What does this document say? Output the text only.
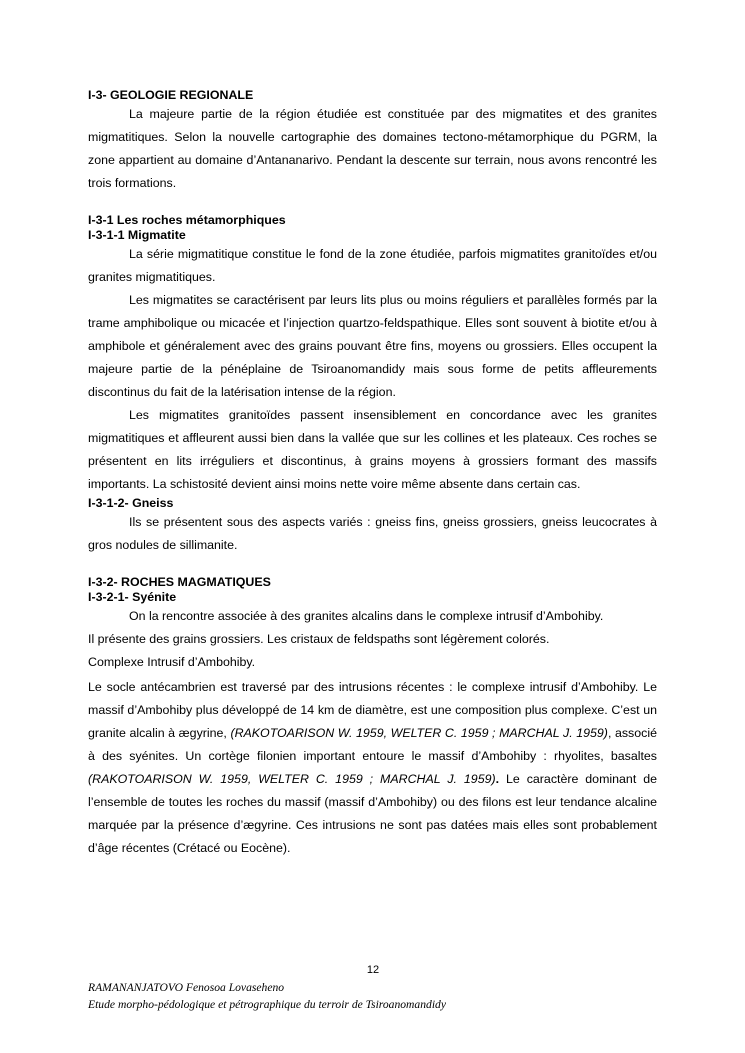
I-3- GEOLOGIE REGIONALE

La majeure partie de la région étudiée est constituée par des migmatites et des granites migmatitiques. Selon la nouvelle cartographie des domaines tectono-métamorphique du PGRM, la zone appartient au domaine d’Antananarivo. Pendant la descente sur terrain, nous avons rencontré les trois formations.

I-3-1 Les roches métamorphiques
I-3-1-1 Migmatite

La série migmatitique constitue le fond de la zone étudiée, parfois migmatites granitoïdes et/ou granites migmatitiques.

Les migmatites se caractérisent par leurs lits plus ou moins réguliers et parallèles formés par la trame amphibolique ou micacée et l’injection quartzo-feldspathique. Elles sont souvent à biotite et/ou à amphibole et généralement avec des grains pouvant être fins, moyens ou grossiers. Elles occupent la majeure partie de la pénéplaine de Tsiroanomandidy mais sous forme de petits affleurements discontinus du fait de la latérisation intense de la région.

Les migmatites granitoïdes passent insensiblement en concordance avec les granites migmatitiques et affleurent aussi bien dans la vallée que sur les collines et les plateaux. Ces roches se présentent en lits irréguliers et discontinus, à grains moyens à grossiers formant des massifs importants. La schistosité devient ainsi moins nette voire même absente dans certain cas.

I-3-1-2- Gneiss

Ils se présentent sous des aspects variés : gneiss fins, gneiss grossiers, gneiss leucocrates à gros nodules de sillimanite.

I-3-2- ROCHES MAGMATIQUES
I-3-2-1- Syénite

On la rencontre associée à des granites alcalins dans le complexe intrusif d’Ambohiby.

Il présente des grains grossiers. Les cristaux de feldspaths sont légèrement colorés.

Complexe Intrusif d’Ambohiby.

Le socle antécambrien est traversé par des intrusions récentes : le complexe intrusif d’Ambohiby. Le massif d’Ambohiby plus développé de 14 km de diamètre, est une composition plus complexe. C’est un granite alcalin à ægyrine, (RAKOTOARISON W. 1959, WELTER C. 1959 ; MARCHAL J. 1959), associé à des syénites. Un cortège filonien important entoure le massif d’Ambohiby : rhyolites, basaltes (RAKOTOARISON W. 1959, WELTER C. 1959 ; MARCHAL J. 1959). Le caractère dominant de l’ensemble de toutes les roches du massif (massif d’Ambohiby) ou des filons est leur tendance alcaline marquée par la présence d’ægyrine. Ces intrusions ne sont pas datées mais elles sont probablement d’âge récentes (Crétacé ou Eocène).

12
RAMANANJATOVO Fenosoa Lovaseheno
Etude morpho-pédologique et pétrographique du terroir de Tsiroanomandidy
